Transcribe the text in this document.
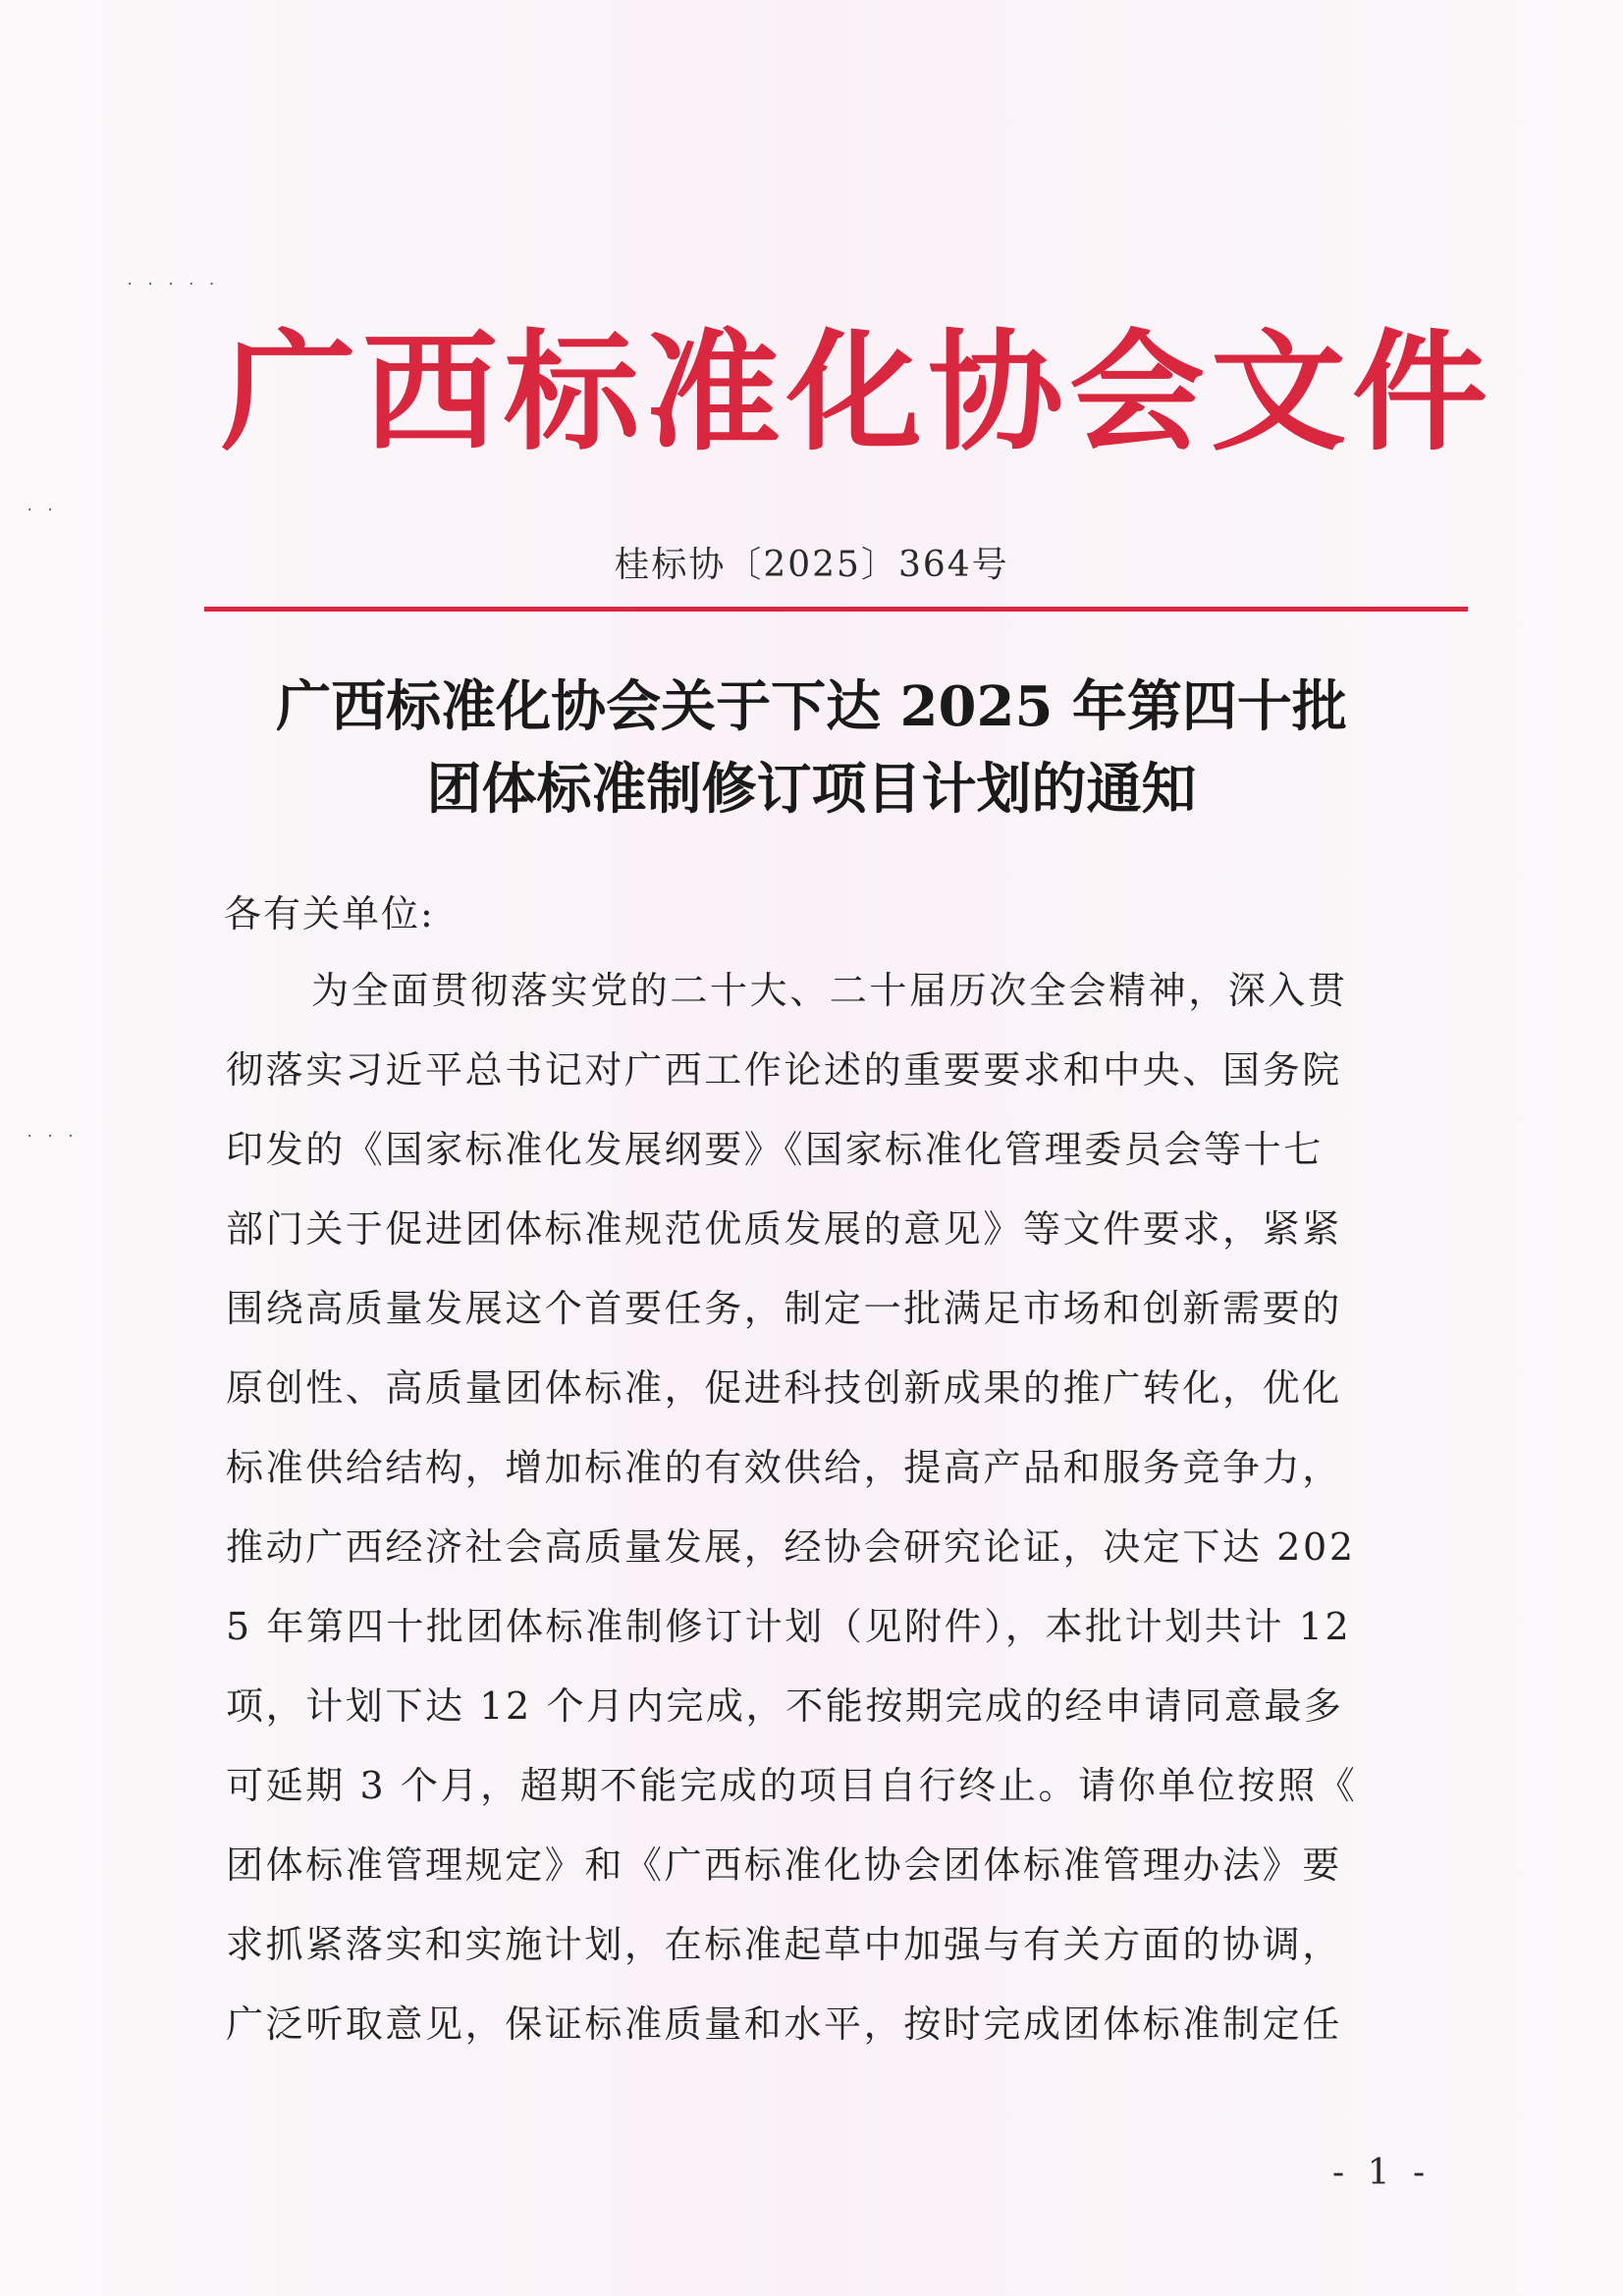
· · · · ·
· ·
· · ·
广西标准化协会文件
桂标协〔2025〕364号
广西标准化协会关于下达 2025 年第四十批
团体标准制修订项目计划的通知
各有关单位:
为全面贯彻落实党的二十大、二十届历次全会精神，深入贯
彻落实习近平总书记对广西工作论述的重要要求和中央、国务院
印发的《国家标准化发展纲要》《国家标准化管理委员会等十七
部门关于促进团体标准规范优质发展的意见》等文件要求，紧紧
围绕高质量发展这个首要任务，制定一批满足市场和创新需要的
原创性、高质量团体标准，促进科技创新成果的推广转化，优化
标准供给结构，增加标准的有效供给，提高产品和服务竞争力，
推动广西经济社会高质量发展，经协会研究论证，决定下达 202
5 年第四十批团体标准制修订计划（见附件），本批计划共计 12
项，计划下达 12 个月内完成，不能按期完成的经申请同意最多
可延期 3 个月，超期不能完成的项目自行终止。请你单位按照《
团体标准管理规定》和《广西标准化协会团体标准管理办法》要
求抓紧落实和实施计划，在标准起草中加强与有关方面的协调，
广泛听取意见，保证标准质量和水平，按时完成团体标准制定任
- 1 -
